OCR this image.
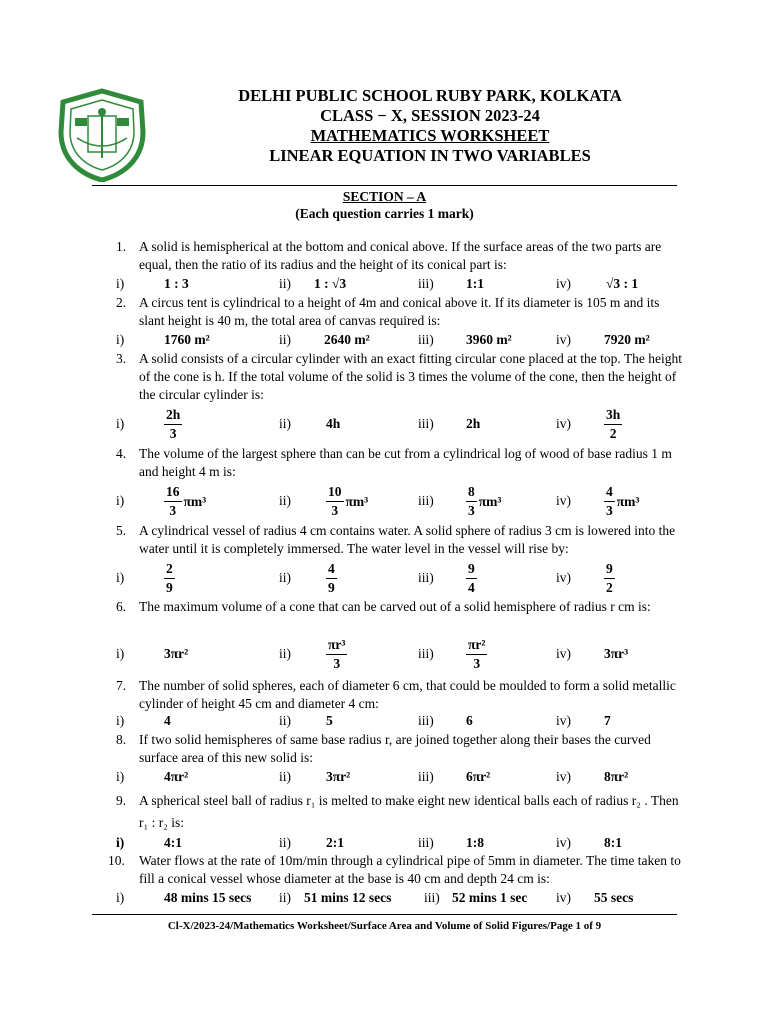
DELHI PUBLIC SCHOOL RUBY PARK, KOLKATA
CLASS − X, SESSION 2023-24
MATHEMATICS WORKSHEET
LINEAR EQUATION IN TWO VARIABLES
SECTION – A
(Each question carries 1 mark)
1. A solid is hemispherical at the bottom and conical above. If the surface areas of the two parts are equal, then the ratio of its radius and the height of its conical part is:
i)	1 : 3	ii) 1 : √3	iii) 1:1	iv)	√3 : 1
2. A circus tent is cylindrical to a height of 4m and conical above it. If its diameter is 105 m and its slant height is 40 m, the total area of canvas required is:
i)	1760 m²	ii) 2640 m²	iii) 3960 m²	iv) 7920 m²
3. A solid consists of a circular cylinder with an exact fitting circular cone placed at the top. The height of the cone is h. If the total volume of the solid is 3 times the volume of the cone, then the height of the circular cylinder is:
i)	$\frac{2h}{3}$	ii)	4h	iii) 2h	$iv) \frac{3h}{2}$
4. The volume of the largest sphere than can be cut from a cylindrical log of wood of base radius 1 m and height 4 m is:
i)	$\frac{16}{3} \pi m^3$	ii)	$\frac{10}{3} \pi m^3$	$iii) \frac{8}{3} \pi m^3$	$iv) \frac{4}{3} \pi m^3$
5. A cylindrical vessel of radius 4 cm contains water. A solid sphere of radius 3 cm is lowered into the water until it is completely immersed. The water level in the vessel will rise by:
i)	$\frac{2}{9}$	ii)	$\frac{4}{9}$	$iii) \frac{9}{4}$	$iv) \frac{9}{2}$
6. The maximum volume of a cone that can be carved out of a solid hemisphere of radius r cm is:
i)	3πr²	ii)	$\frac{\text{πr³}}{3}$	$iii) \frac{\text{πr²}}{3}$	iv) 3πr³
7. The number of solid spheres, each of diameter 6 cm, that could be moulded to form a solid metallic cylinder of height 45 cm and diameter 4 cm:
i)	4	ii)	5	iii) 6	iv) 7
8. If two solid hemispheres of same base radius r, are joined together along their bases the curved surface area of this new solid is:
i)	4πr²	ii)	3πr²	iii) 6πr²	iv) 8πr²
9. A spherical steel ball of radius r₁ is melted to make eight new identical balls each of radius r₂ . Then r₁ : r₂ is:
i)	4:1	ii)	2:1	iii) 1:8	iv) 8:1
10. Water flows at the rate of 10m/min through a cylindrical pipe of 5mm in diameter. The time taken to fill a conical vessel whose diameter at the base is 40 cm and depth 24 cm is:
i)	48 mins 15 secs ii) 51 mins 12 secs iii) 52 mins 1 sec iv) 55 secs
Cl-X/2023-24/Mathematics Worksheet/Surface Area and Volume of Solid Figures/Page 1 of 9
